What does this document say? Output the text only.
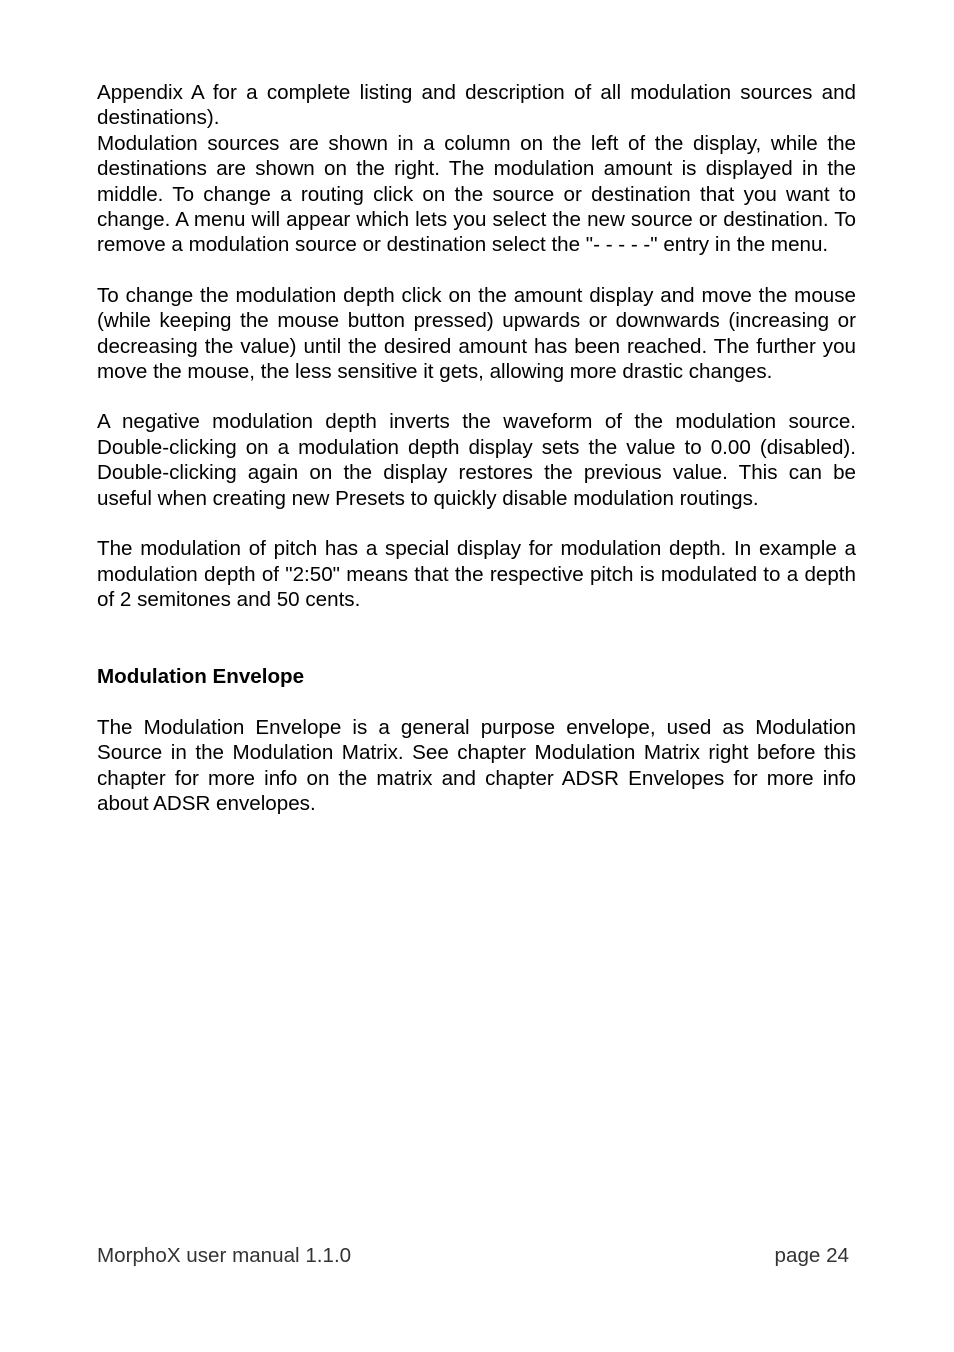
Appendix A for a complete listing and description of all modulation sources and destinations).

Modulation sources are shown in a column on the left of the display, while the destinations are shown on the right. The modulation amount is displayed in the middle. To change a routing click on the source or destination that you want to change. A menu will appear which lets you select the new source or destination. To remove a modulation source or destination select the "- - - - -" entry in the menu.

To change the modulation depth click on the amount display and move the mouse (while keeping the mouse button pressed) upwards or downwards (increasing or decreasing the value) until the desired amount has been reached. The further you move the mouse, the less sensitive it gets, allowing more drastic changes.

A negative modulation depth inverts the waveform of the modulation source. Double-clicking on a modulation depth display sets the value to 0.00 (disabled). Double-clicking again on the display restores the previous value. This can be useful when creating new Presets to quickly disable modulation routings.

The modulation of pitch has a special display for modulation depth. In example a modulation depth of "2:50" means that the respective pitch is modulated to a depth of 2 semitones and 50 cents.

Modulation Envelope

The Modulation Envelope is a general purpose envelope, used as Modulation Source in the Modulation Matrix. See chapter Modulation Matrix right before this chapter for more info on the matrix and chapter ADSR Envelopes for more info about ADSR envelopes.

MorphoX user manual 1.1.0	page 24
